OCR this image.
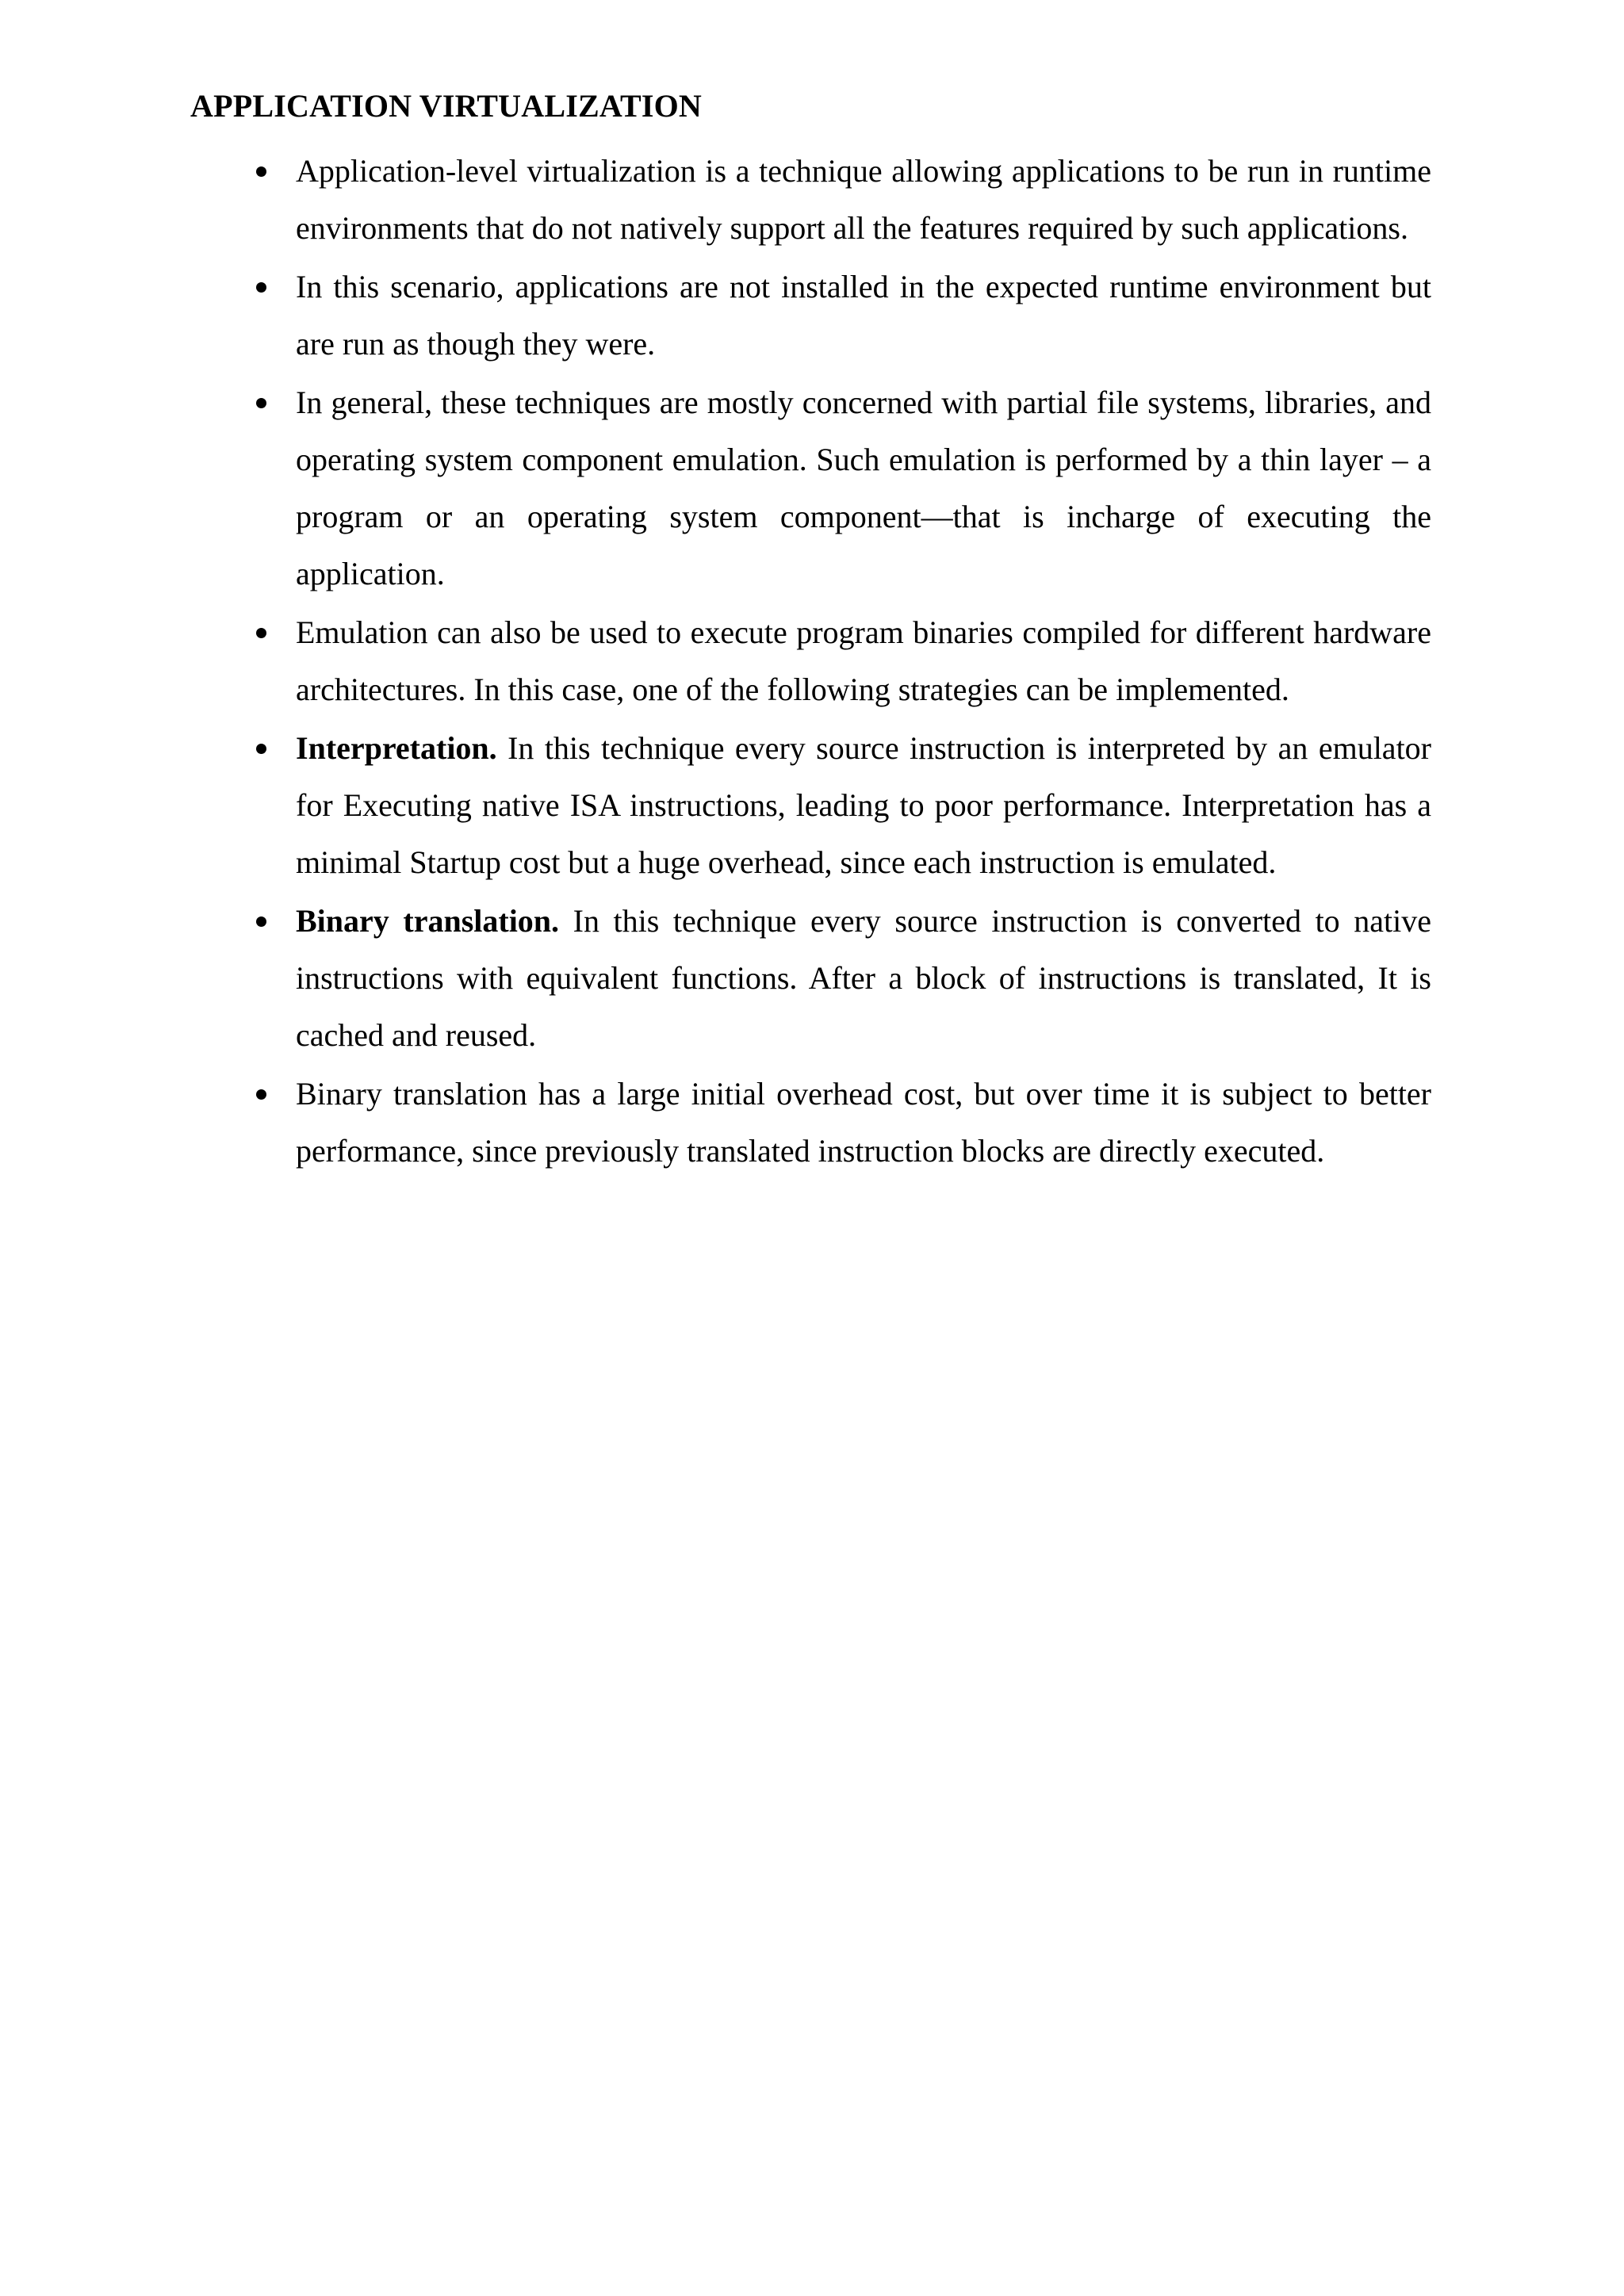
APPLICATION VIRTUALIZATION
Application-level virtualization is a technique allowing applications to be run in runtime environments that do not natively support all the features required by such applications.
In this scenario, applications are not installed in the expected runtime environment but are run as though they were.
In general, these techniques are mostly concerned with partial file systems, libraries, and operating system component emulation. Such emulation is performed by a thin layer – a program or an operating system component—that is incharge of executing the application.
Emulation can also be used to execute program binaries compiled for different hardware architectures. In this case, one of the following strategies can be implemented.
Interpretation. In this technique every source instruction is interpreted by an emulator for Executing native ISA instructions, leading to poor performance. Interpretation has a minimal Startup cost but a huge overhead, since each instruction is emulated.
Binary translation. In this technique every source instruction is converted to native instructions with equivalent functions. After a block of instructions is translated, It is cached and reused.
Binary translation has a large initial overhead cost, but over time it is subject to better performance, since previously translated instruction blocks are directly executed.
